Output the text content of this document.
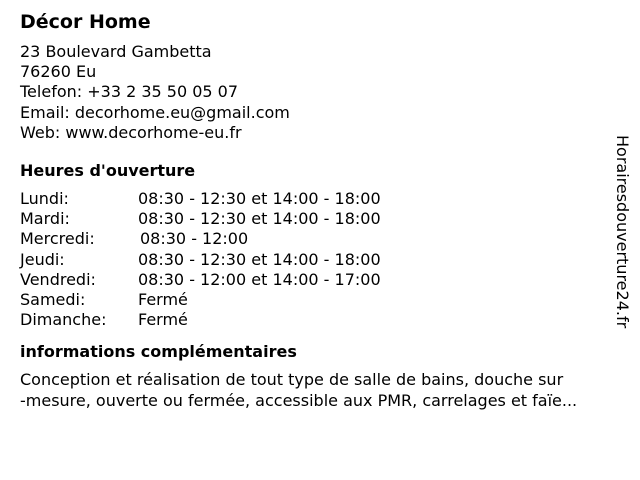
Décor Home
23 Boulevard Gambetta
76260 Eu
Telefon: +33 2 35 50 05 07
Email: decorhome.eu@gmail.com
Web: www.decorhome-eu.fr
Heures d'ouverture
Lundi:	08:30 - 12:30 et 14:00 - 18:00
Mardi:	08:30 - 12:30 et 14:00 - 18:00
Mercredi:	08:30 - 12:00
Jeudi:	08:30 - 12:30 et 14:00 - 18:00
Vendredi:	08:30 - 12:00 et 14:00 - 17:00
Samedi:	Fermé
Dimanche: Fermé
informations complémentaires
Conception et réalisation de tout type de salle de bains, douche sur
-mesure, ouverte ou fermée, accessible aux PMR, carrelages et faïe...
Horairesdouverture24.fr
